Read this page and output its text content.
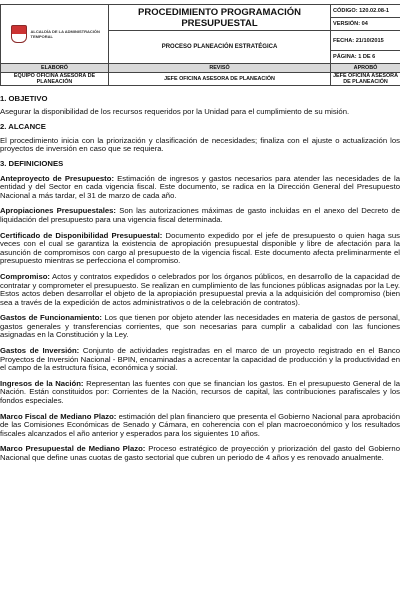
ALCALDÍA DE LA ADMINISTRACIÓN TEMPORAL	PROCEDIMIENTO PROGRAMACIÓN PRESUPUESTAL	CÓDIGO: 120.02.08-1
		VERSIÓN: 04
	PROCESO PLANEACIÓN ESTRATÉGICA	FECHA: 21/10/2015
		PÁGINA: 1 DE 6
ELABORÓ	REVISÓ	APROBÓ
EQUIPO OFICINA ASESORA DE PLANEACIÓN	JEFE OFICINA ASESORA DE PLANEACIÓN	JEFE OFICINA ASESORA DE PLANEACIÓN

1. OBJETIVO

Asegurar la disponibilidad de los recursos requeridos por la Unidad para el cumplimiento de su misión.

2. ALCANCE

El procedimiento inicia con la priorización y clasificación de necesidades; finaliza con el ajuste o actualización los proyectos de inversión en caso que se requiera.

3. DEFINICIONES

Anteproyecto de Presupuesto: Estimación de ingresos y gastos necesarios para atender las necesidades de la entidad y del Sector en cada vigencia fiscal. Este documento, se radica en la Dirección General del Presupuesto Nacional a más tardar, el 31 de marzo de cada año.

Apropiaciones Presupuestales: Son las autorizaciones máximas de gasto incluidas en el anexo del Decreto de liquidación del presupuesto para una vigencia fiscal determinada.

Certificado de Disponibilidad Presupuestal: Documento expedido por el jefe de presupuesto o quien haga sus veces con el cual se garantiza la existencia de apropiación presupuestal disponible y libre de afectación para la asunción de compromisos con cargo al presupuesto de la vigencia fiscal. Este documento afecta preliminarmente el presupuesto mientras se perfecciona el compromiso.

Compromiso: Actos y contratos expedidos o celebrados por los órganos públicos, en desarrollo de la capacidad de contratar y comprometer el presupuesto. Se realizan en cumplimiento de las funciones públicas asignadas por la Ley. Estos actos deben desarrollar el objeto de la apropiación presupuestal previa a la adquisición del compromiso (bien sea a través de la expedición de actos administrativos o de la celebración de contratos).

Gastos de Funcionamiento: Los que tienen por objeto atender las necesidades en materia de gastos de personal, gastos generales y transferencias corrientes, que son necesarias para cumplir a cabalidad con las funciones asignadas en la Constitución y la Ley.

Gastos de Inversión: Conjunto de actividades registradas en el marco de un proyecto registrado en el Banco Proyectos de Inversión Nacional - BPIN, encaminadas a acrecentar la capacidad de producción y la productividad en el campo de la estructura física, económica y social.

Ingresos de la Nación: Representan las fuentes con que se financian los gastos. En el presupuesto General de la Nación. Están constituidos por: Corrientes de la Nación, recursos de capital, las contribuciones parafiscales y los fondos especiales.

Marco Fiscal de Mediano Plazo: estimación del plan financiero que presenta el Gobierno Nacional para aprobación de las Comisiones Económicas de Senado y Cámara, en coherencia con el plan macroeconómico y los resultados fiscales alcanzados el año anterior y esperados para los siguientes 10 años.

Marco Presupuestal de Mediano Plazo: Proceso estratégico de proyección y priorización del gasto del Gobierno Nacional que define unas cuotas de gasto sectorial que cubren un periodo de 4 años y es renovado anualmente.
